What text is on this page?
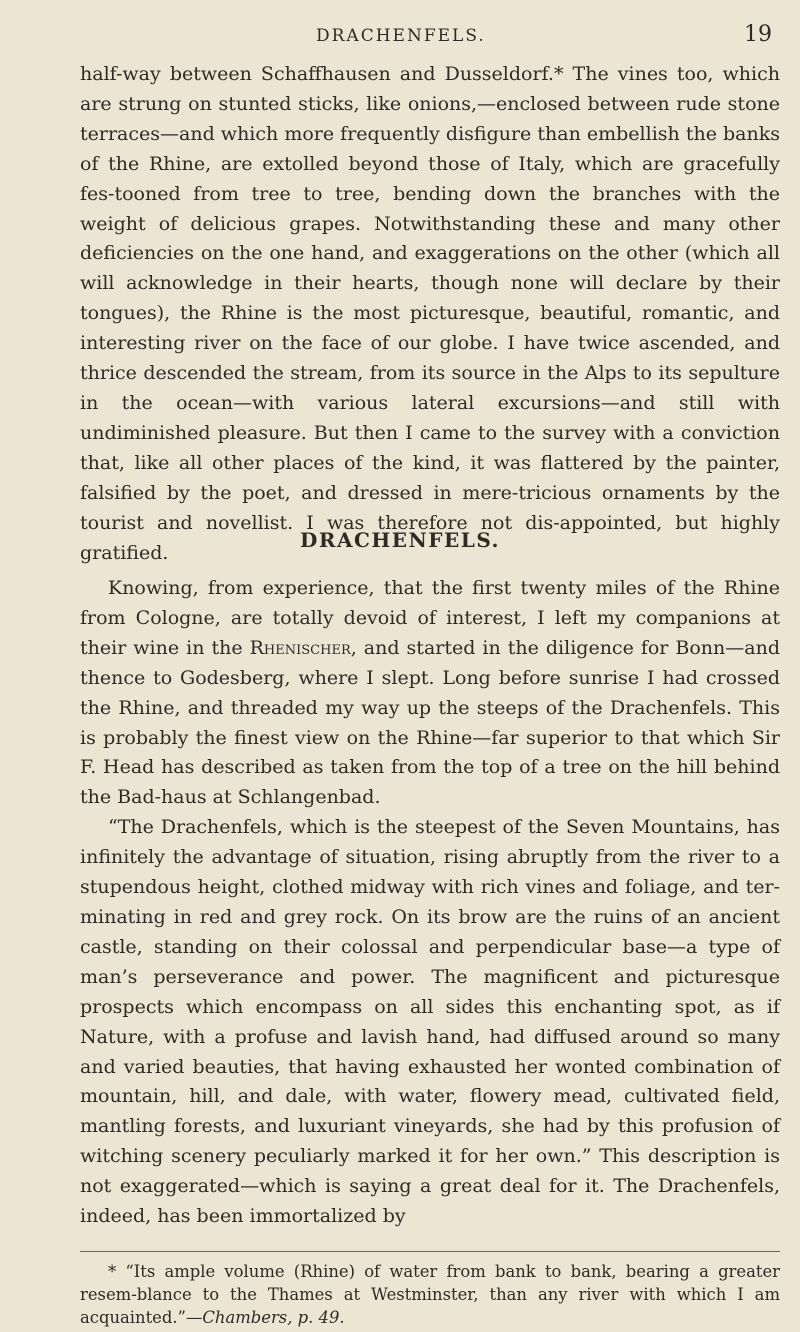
DRACHENFELS.	19

half-way between Schaffhausen and Dusseldorf.* The vines too, which are strung on stunted sticks, like onions,—enclosed between rude stone terraces—and which more frequently disfigure than embellish the banks of the Rhine, are extolled beyond those of Italy, which are gracefully fes-tooned from tree to tree, bending down the branches with the weight of delicious grapes. Notwithstanding these and many other deficiencies on the one hand, and exaggerations on the other (which all will acknowledge in their hearts, though none will declare by their tongues), the Rhine is the most picturesque, beautiful, romantic, and interesting river on the face of our globe. I have twice ascended, and thrice descended the stream, from its source in the Alps to its sepulture in the ocean—with various lateral excursions—and still with undiminished pleasure. But then I came to the survey with a conviction that, like all other places of the kind, it was flattered by the painter, falsified by the poet, and dressed in mere-tricious ornaments by the tourist and novellist. I was therefore not dis-appointed, but highly gratified.

DRACHENFELS.

Knowing, from experience, that the first twenty miles of the Rhine from Cologne, are totally devoid of interest, I left my companions at their wine in the Rhenischer, and started in the diligence for Bonn—and thence to Godesberg, where I slept. Long before sunrise I had crossed the Rhine, and threaded my way up the steeps of the Drachenfels. This is probably the finest view on the Rhine—far superior to that which Sir F. Head has described as taken from the top of a tree on the hill behind the Bad-haus at Schlangenbad.

“The Drachenfels, which is the steepest of the Seven Mountains, has infinitely the advantage of situation, rising abruptly from the river to a stupendous height, clothed midway with rich vines and foliage, and ter-minating in red and grey rock. On its brow are the ruins of an ancient castle, standing on their colossal and perpendicular base—a type of man’s perseverance and power. The magnificent and picturesque prospects which encompass on all sides this enchanting spot, as if Nature, with a profuse and lavish hand, had diffused around so many and varied beauties, that having exhausted her wonted combination of mountain, hill, and dale, with water, flowery mead, cultivated field, mantling forests, and luxuriant vineyards, she had by this profusion of witching scenery peculiarly marked it for her own.” This description is not exaggerated—which is saying a great deal for it. The Drachenfels, indeed, has been immortalized by

* “Its ample volume (Rhine) of water from bank to bank, bearing a greater resem-blance to the Thames at Westminster, than any river with which I am acquainted.”—Chambers, p. 49.
